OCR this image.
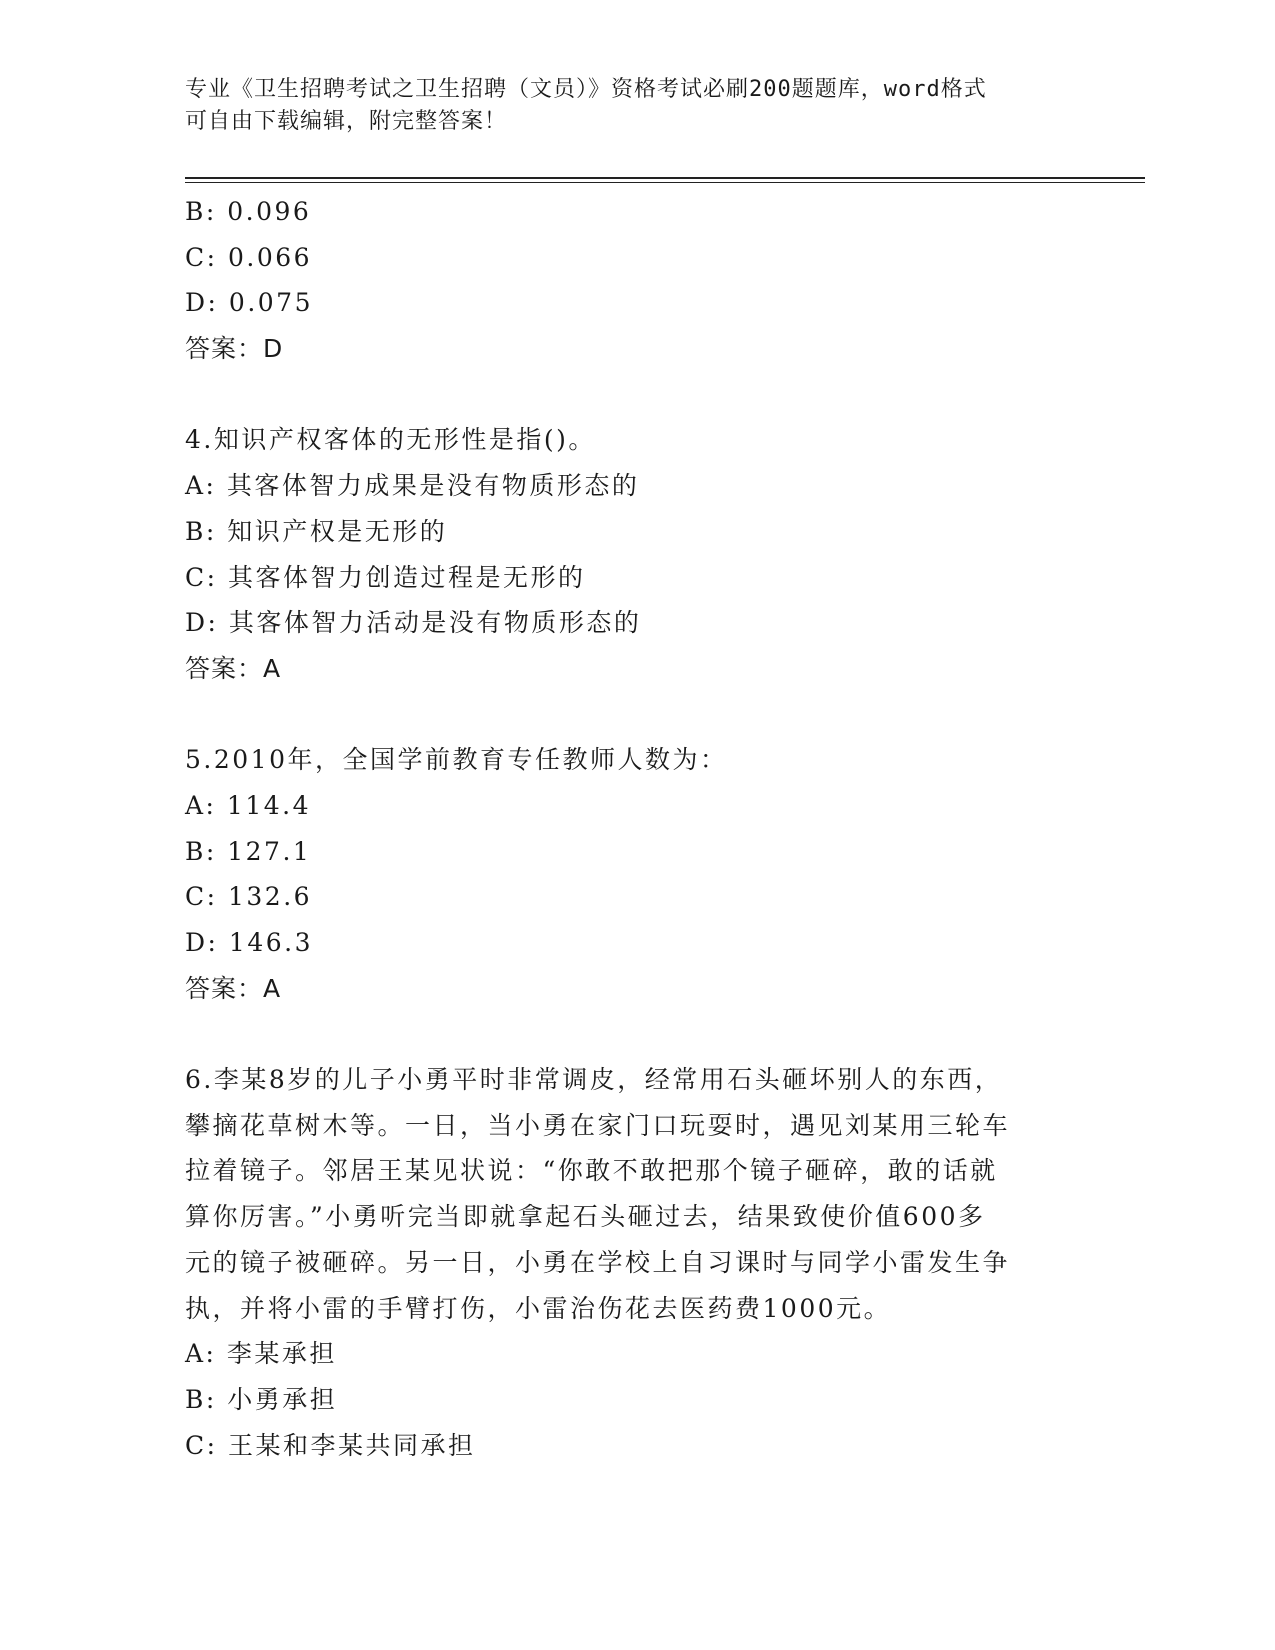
专业《卫生招聘考试之卫生招聘（文员）》资格考试必刷200题题库，word格式
可自由下载编辑，附完整答案！
B: 0.096
C: 0.066
D: 0.075
答案：D
4.知识产权客体的无形性是指()。
A: 其客体智力成果是没有物质形态的
B: 知识产权是无形的
C: 其客体智力创造过程是无形的
D: 其客体智力活动是没有物质形态的
答案：A
5.2010年，全国学前教育专任教师人数为：
A: 114.4
B: 127.1
C: 132.6
D: 146.3
答案：A
6.李某8岁的儿子小勇平时非常调皮，经常用石头砸坏别人的东西，
攀摘花草树木等。一日，当小勇在家门口玩耍时，遇见刘某用三轮车
拉着镜子。邻居王某见状说：“你敢不敢把那个镜子砸碎，敢的话就
算你厉害。”小勇听完当即就拿起石头砸过去，结果致使价值600多
元的镜子被砸碎。另一日，小勇在学校上自习课时与同学小雷发生争
执，并将小雷的手臂打伤，小雷治伤花去医药费1000元。
A: 李某承担
B: 小勇承担
C: 王某和李某共同承担
